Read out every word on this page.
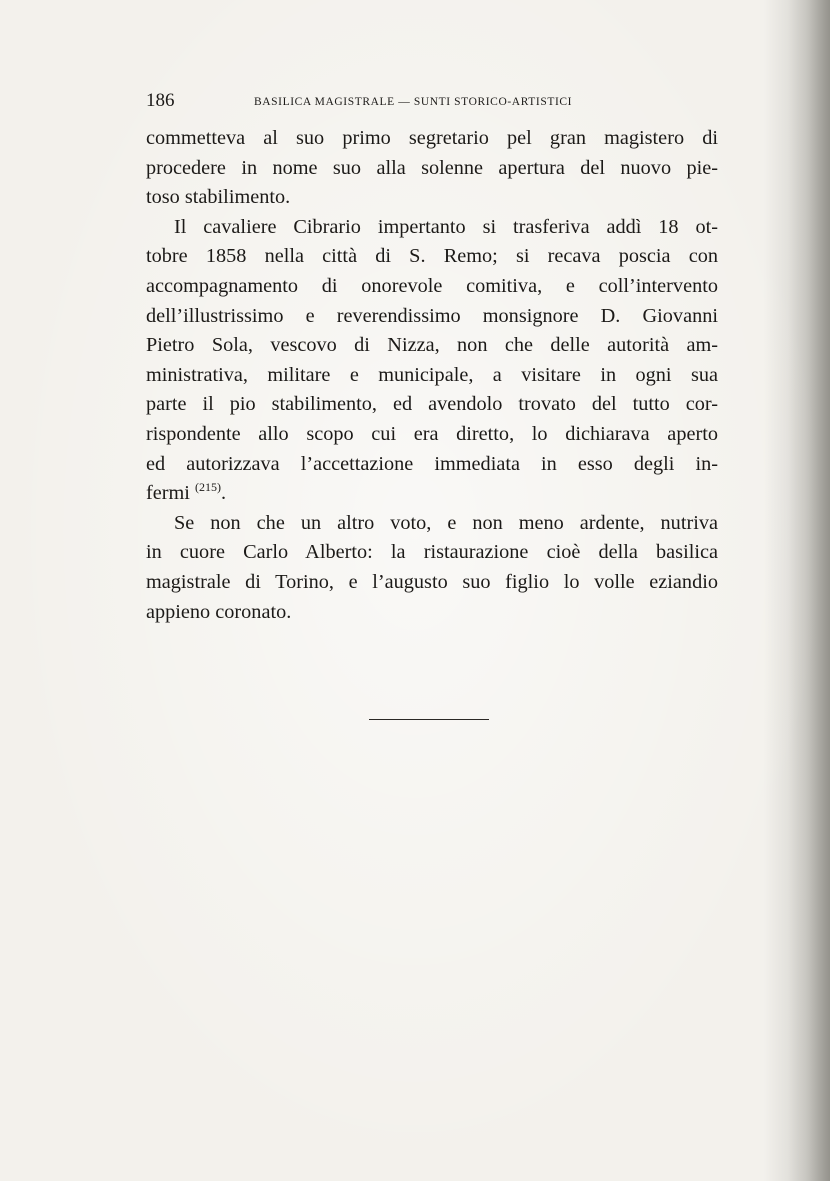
186	BASILICA MAGISTRALE — SUNTI STORICO-ARTISTICI
commetteva al suo primo segretario pel gran magistero di
procedere in nome suo alla solenne apertura del nuovo pie-
toso stabilimento.
Il cavaliere Cibrario impertanto si trasferiva addì 18 ot-
tobre 1858 nella città di S. Remo; si recava poscia con
accompagnamento di onorevole comitiva, e coll’intervento
dell’illustrissimo e reverendissimo monsignore D. Giovanni
Pietro Sola, vescovo di Nizza, non che delle autorità am-
ministrativa, militare e municipale, a visitare in ogni sua
parte il pio stabilimento, ed avendolo trovato del tutto cor-
rispondente allo scopo cui era diretto, lo dichiarava aperto
ed autorizzava l’accettazione immediata in esso degli in-
fermi $^{(215)}$.
Se non che un altro voto, e non meno ardente, nutriva
in cuore Carlo Alberto: la ristaurazione cioè della basilica
magistrale di Torino, e l’augusto suo figlio lo volle eziandio
appieno coronato.
